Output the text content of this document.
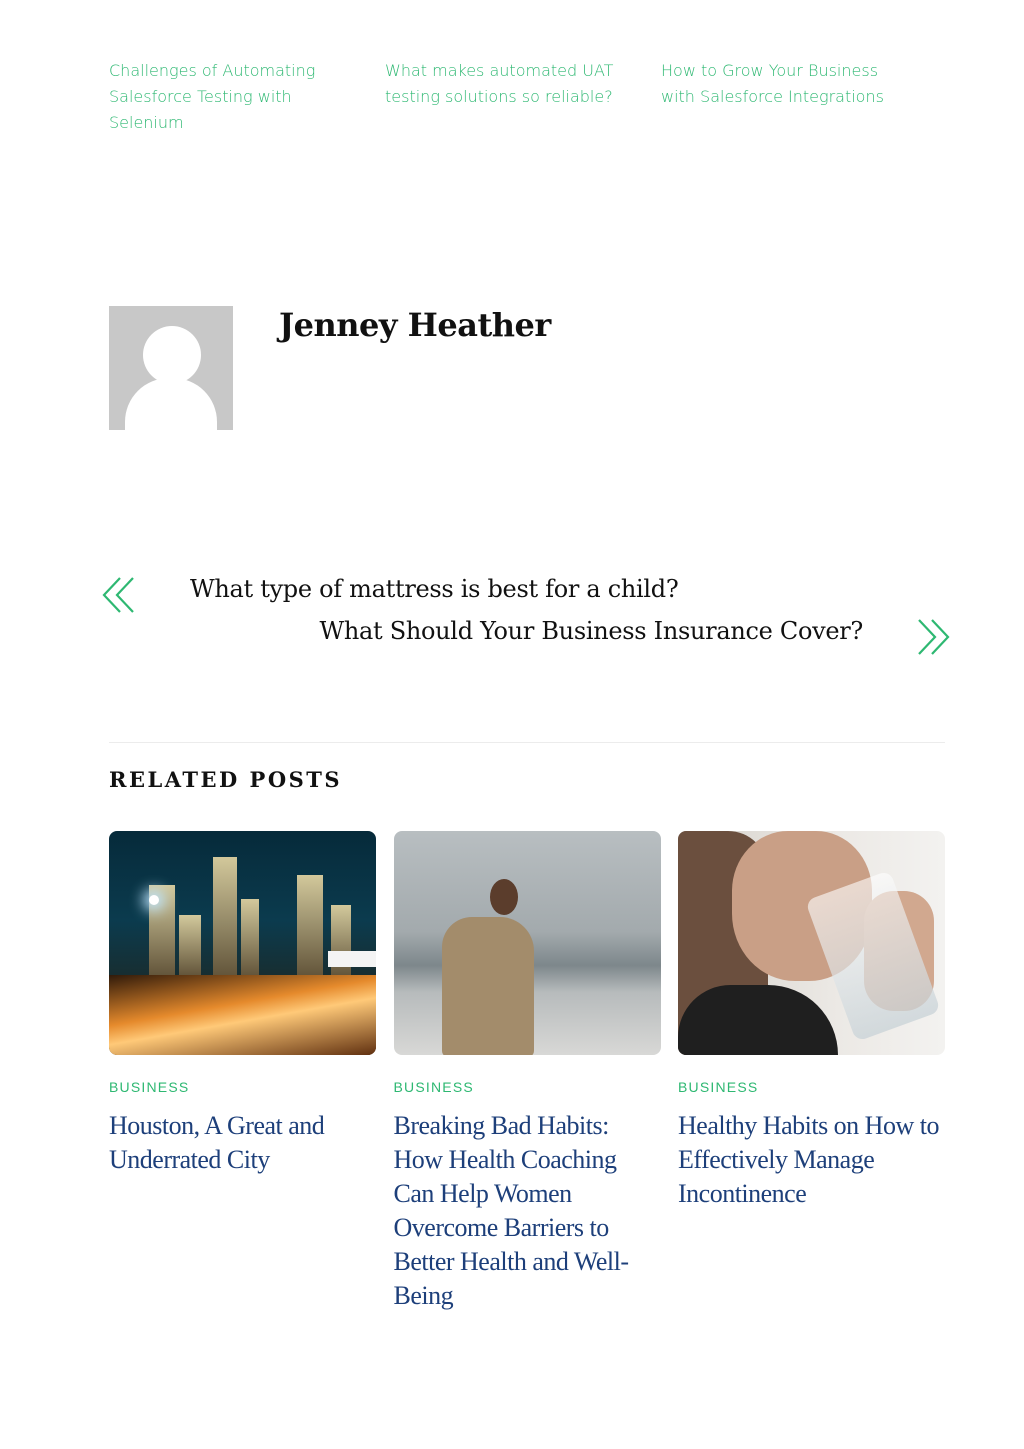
Challenges of Automating Salesforce Testing with Selenium
What makes automated UAT testing solutions so reliable?
How to Grow Your Business with Salesforce Integrations
Jenney Heather
What type of mattress is best for a child?
What Should Your Business Insurance Cover?
RELATED POSTS
BUSINESS
Houston, A Great and Underrated City
BUSINESS
Breaking Bad Habits: How Health Coaching Can Help Women Overcome Barriers to Better Health and Well-Being
BUSINESS
Healthy Habits on How to Effectively Manage Incontinence
